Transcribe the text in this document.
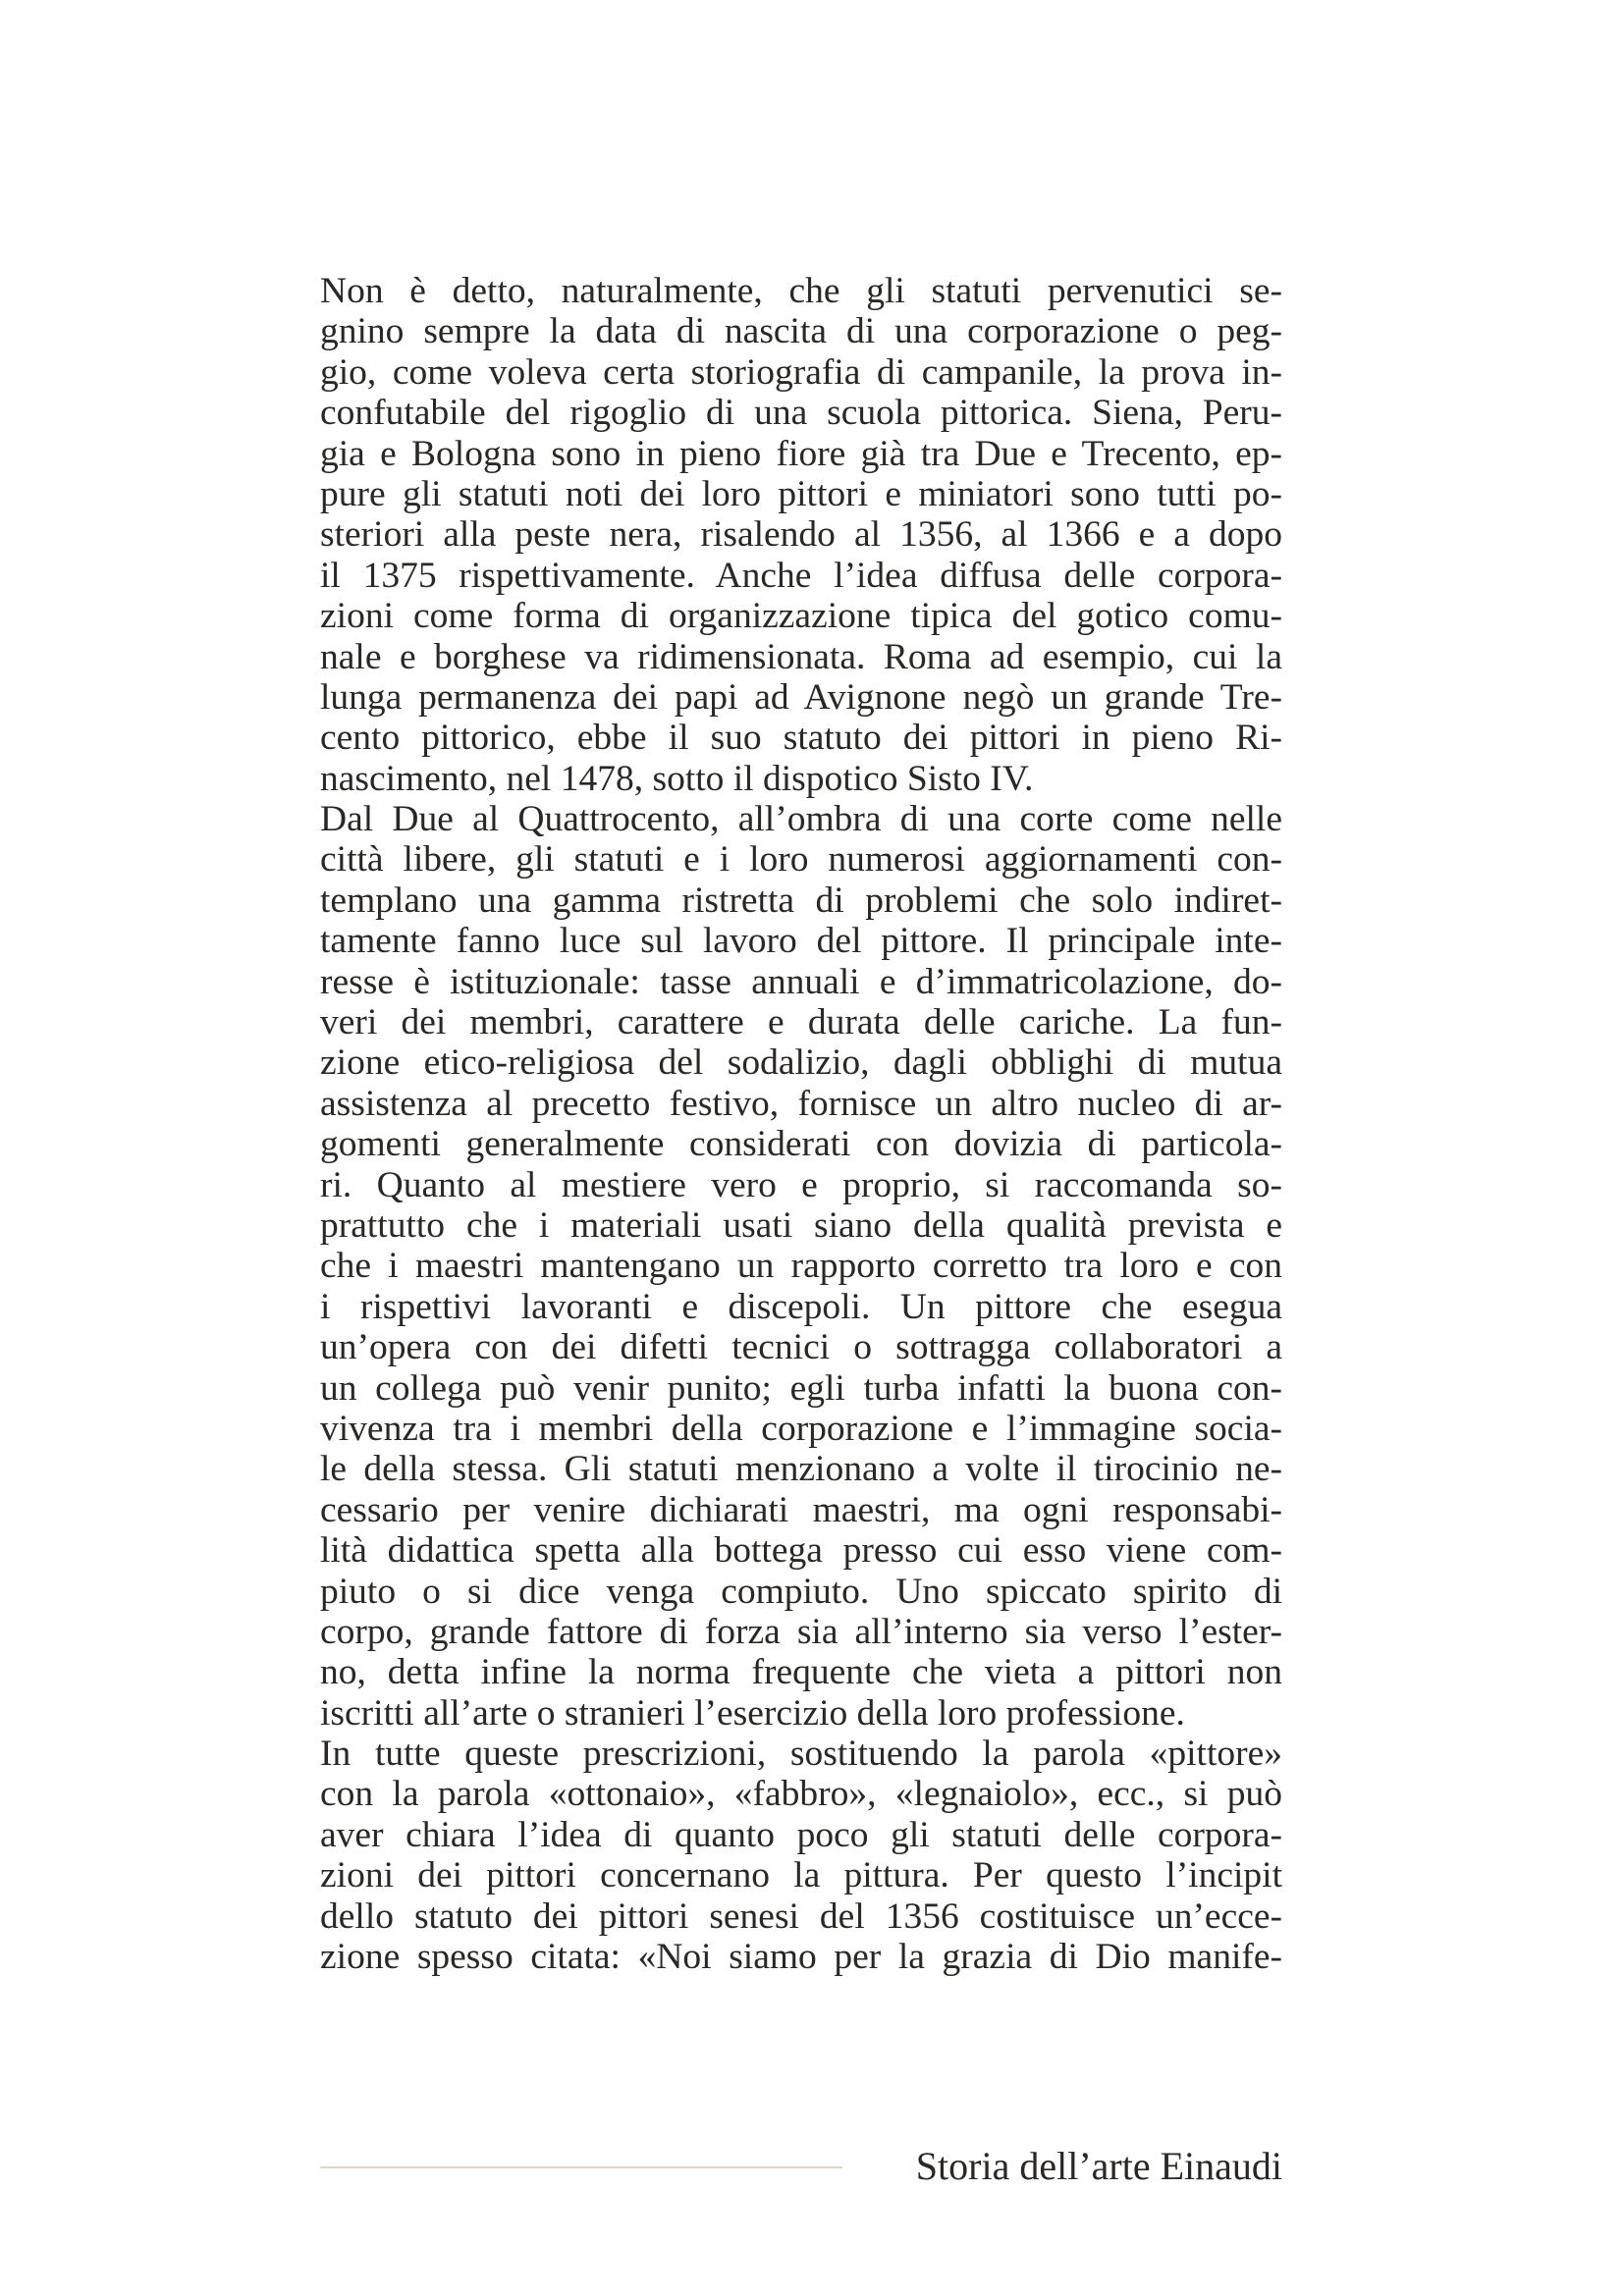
Non è detto, naturalmente, che gli statuti pervenutici se-
gnino sempre la data di nascita di una corporazione o peg-
gio, come voleva certa storiografia di campanile, la prova in-
confutabile del rigoglio di una scuola pittorica. Siena, Peru-
gia e Bologna sono in pieno fiore già tra Due e Trecento, ep-
pure gli statuti noti dei loro pittori e miniatori sono tutti po-
steriori alla peste nera, risalendo al 1356, al 1366 e a dopo
il 1375 rispettivamente. Anche l’idea diffusa delle corpora-
zioni come forma di organizzazione tipica del gotico comu-
nale e borghese va ridimensionata. Roma ad esempio, cui la
lunga permanenza dei papi ad Avignone negò un grande Tre-
cento pittorico, ebbe il suo statuto dei pittori in pieno Ri-
nascimento, nel 1478, sotto il dispotico Sisto IV.
Dal Due al Quattrocento, all’ombra di una corte come nelle
città libere, gli statuti e i loro numerosi aggiornamenti con-
templano una gamma ristretta di problemi che solo indiret-
tamente fanno luce sul lavoro del pittore. Il principale inte-
resse è istituzionale: tasse annuali e d’immatricolazione, do-
veri dei membri, carattere e durata delle cariche. La fun-
zione etico-religiosa del sodalizio, dagli obblighi di mutua
assistenza al precetto festivo, fornisce un altro nucleo di ar-
gomenti generalmente considerati con dovizia di particola-
ri. Quanto al mestiere vero e proprio, si raccomanda so-
prattutto che i materiali usati siano della qualità prevista e
che i maestri mantengano un rapporto corretto tra loro e con
i rispettivi lavoranti e discepoli. Un pittore che esegua
un’opera con dei difetti tecnici o sottragga collaboratori a
un collega può venir punito; egli turba infatti la buona con-
vivenza tra i membri della corporazione e l’immagine socia-
le della stessa. Gli statuti menzionano a volte il tirocinio ne-
cessario per venire dichiarati maestri, ma ogni responsabi-
lità didattica spetta alla bottega presso cui esso viene com-
piuto o si dice venga compiuto. Uno spiccato spirito di
corpo, grande fattore di forza sia all’interno sia verso l’ester-
no, detta infine la norma frequente che vieta a pittori non
iscritti all’arte o stranieri l’esercizio della loro professione.
In tutte queste prescrizioni, sostituendo la parola «pittore»
con la parola «ottonaio», «fabbro», «legnaiolo», ecc., si può
aver chiara l’idea di quanto poco gli statuti delle corpora-
zioni dei pittori concernano la pittura. Per questo l’incipit
dello statuto dei pittori senesi del 1356 costituisce un’ecce-
zione spesso citata: «Noi siamo per la grazia di Dio manife-
Storia dell’arte Einaudi
